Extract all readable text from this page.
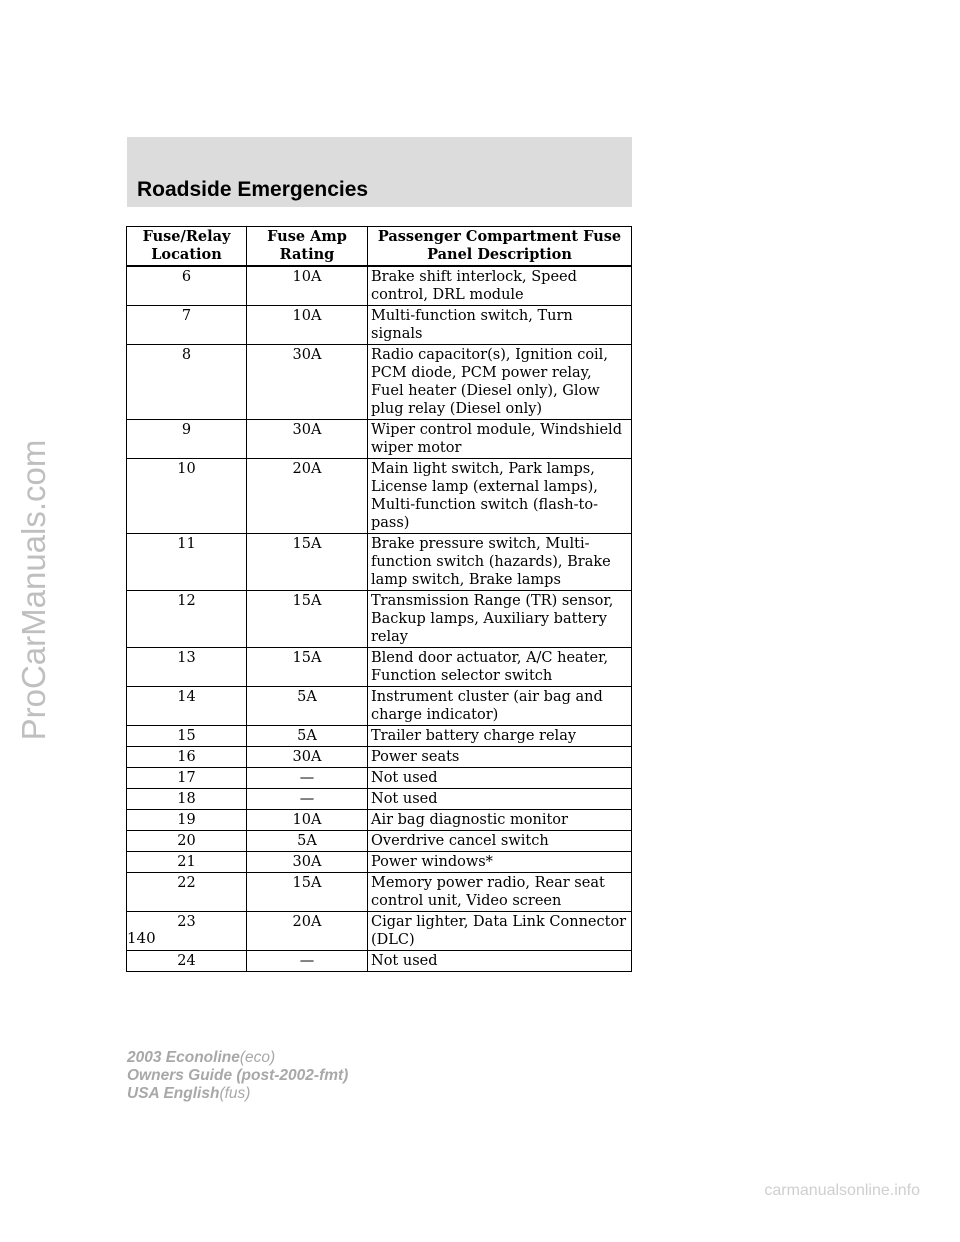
ProCarManuals.com
Roadside Emergencies
Fuse/Relay Location	Fuse Amp Rating	Passenger Compartment Fuse Panel Description
6	10A	Brake shift interlock, Speed control, DRL module
7	10A	Multi-function switch, Turn signals
8	30A	Radio capacitor(s), Ignition coil, PCM diode, PCM power relay, Fuel heater (Diesel only), Glow plug relay (Diesel only)
9	30A	Wiper control module, Windshield wiper motor
10	20A	Main light switch, Park lamps, License lamp (external lamps), Multi-function switch (flash-to-pass)
11	15A	Brake pressure switch, Multi-function switch (hazards), Brake lamp switch, Brake lamps
12	15A	Transmission Range (TR) sensor, Backup lamps, Auxiliary battery relay
13	15A	Blend door actuator, A/C heater, Function selector switch
14	5A	Instrument cluster (air bag and charge indicator)
15	5A	Trailer battery charge relay
16	30A	Power seats
17	—	Not used
18	—	Not used
19	10A	Air bag diagnostic monitor
20	5A	Overdrive cancel switch
21	30A	Power windows*
22	15A	Memory power radio, Rear seat control unit, Video screen
23	20A	Cigar lighter, Data Link Connector (DLC)
24	—	Not used
140
2003 Econoline(eco)
Owners Guide (post-2002-fmt)
USA English(fus)
carmanualsonline.info
